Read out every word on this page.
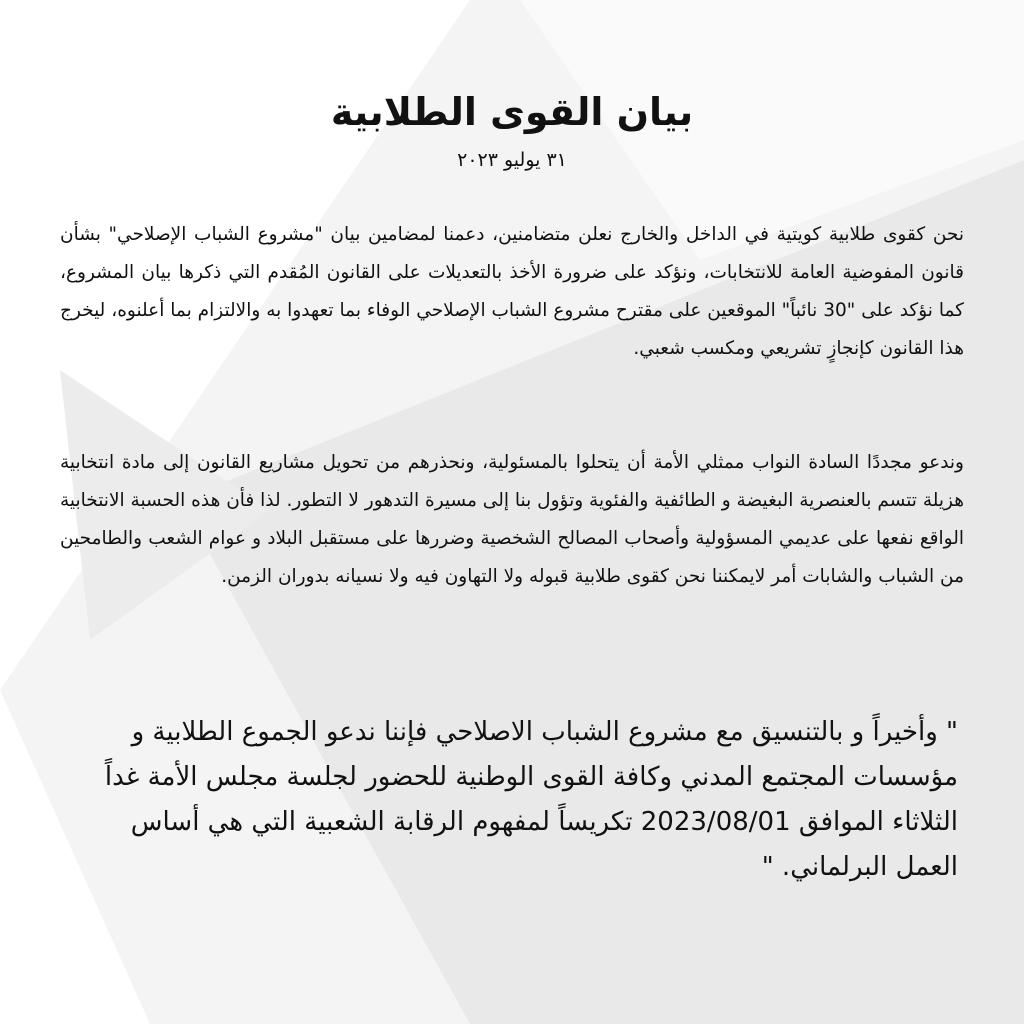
بيان القوى الطلابية
٣١ يوليو ٢٠٢٣

نحن كقوى طلابية كويتية في الداخل والخارج نعلن متضامنين، دعمنا لمضامين بيان "مشروع الشباب الإصلاحي" بشأن قانون المفوضية العامة للانتخابات، ونؤكد على ضرورة الأخذ بالتعديلات على القانون المُقدم التي ذكرها بيان المشروع، كما نؤكد على "30 نائباً" الموقعين على مقترح مشروع الشباب الإصلاحي الوفاء بما تعهدوا به والالتزام بما أعلنوه، ليخرج هذا القانون كإنجازٍ تشريعي ومكسب شعبي.

وندعو مجددًا السادة النواب ممثلي الأمة أن يتحلوا بالمسئولية، ونحذرهم من تحويل مشاريع القانون إلى مادة انتخابية هزيلة تتسم بالعنصرية البغيضة و الطائفية والفئوية وتؤول بنا إلى مسيرة التدهور لا التطور. لذا فأن هذه الحسبة الانتخابية الواقع نفعها على عديمي المسؤولية وأصحاب المصالح الشخصية وضررها على مستقبل البلاد و عوام الشعب والطامحين من الشباب والشابات أمر لايمكننا نحن كقوى طلابية قبوله ولا التهاون فيه ولا نسيانه بدوران الزمن.

" وأخيراً و بالتنسيق مع مشروع الشباب الاصلاحي فإننا ندعو الجموع الطلابية و مؤسسات المجتمع المدني وكافة القوى الوطنية للحضور لجلسة مجلس الأمة غداً الثلاثاء الموافق 2023/08/01 تكريساً لمفهوم الرقابة الشعبية التي هي أساس العمل البرلماني. "
